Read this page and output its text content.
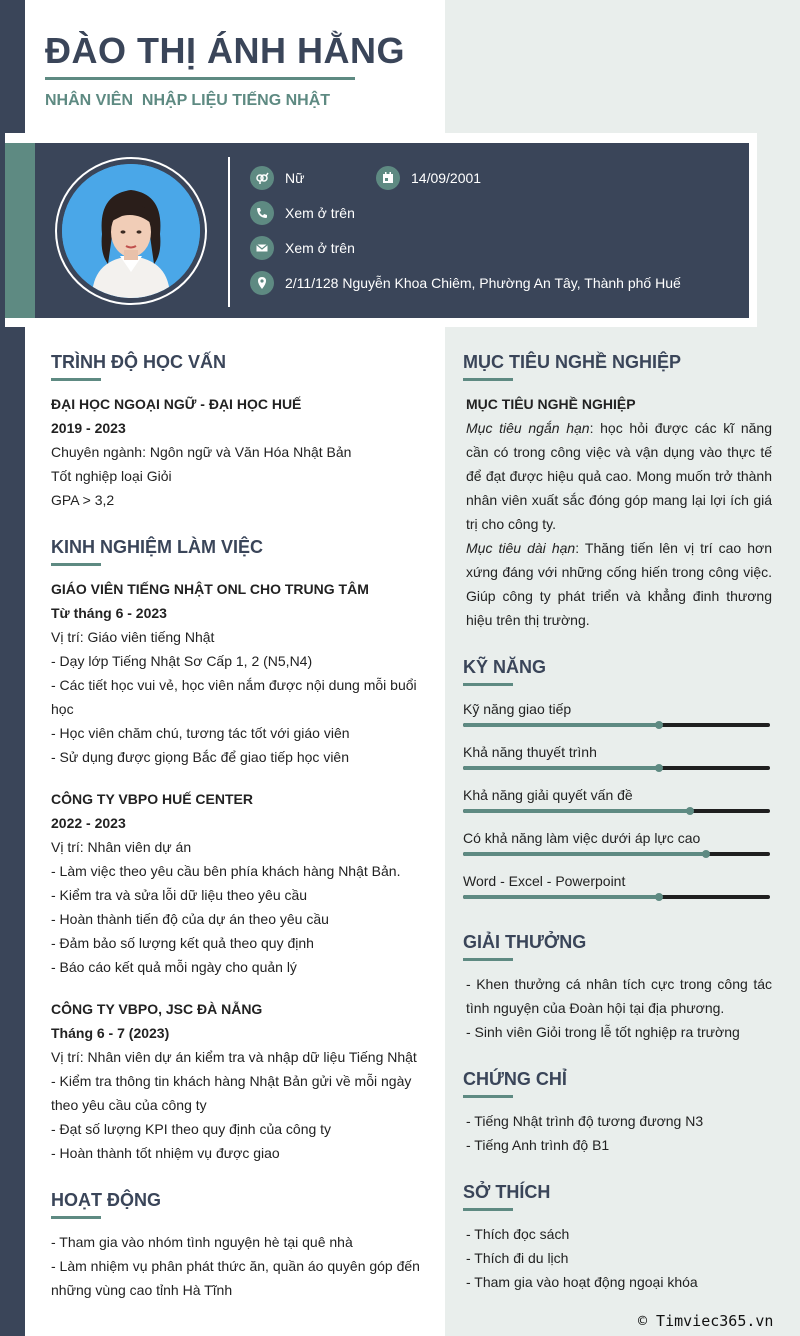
ĐÀO THỊ ÁNH HẰNG
NHÂN VIÊN  NHẬP LIỆU TIẾNG NHẬT
Nữ	14/09/2001
Xem ở trên
Xem ở trên
2/11/128 Nguyễn Khoa Chiêm, Phường An Tây, Thành phố Huế
TRÌNH ĐỘ HỌC VẤN
ĐẠI HỌC NGOẠI NGỮ - ĐẠI HỌC HUẾ
2019 - 2023
Chuyên ngành: Ngôn ngữ và Văn Hóa Nhật Bản
Tốt nghiệp loại Giỏi
GPA > 3,2
KINH NGHIỆM LÀM VIỆC
GIÁO VIÊN TIẾNG NHẬT ONL CHO TRUNG TÂM
Từ tháng 6 - 2023
Vị trí: Giáo viên tiếng Nhật
- Dạy lớp Tiếng Nhật Sơ Cấp 1, 2 (N5,N4)
- Các tiết học vui vẻ, học viên nắm được nội dung mỗi buổi
học
- Học viên chăm chú, tương tác tốt với giáo viên
- Sử dụng được giọng Bắc để giao tiếp học viên
CÔNG TY VBPO HUẾ CENTER
2022 - 2023
Vị trí: Nhân viên dự án
- Làm việc theo yêu cầu bên phía khách hàng Nhật Bản.
- Kiểm tra và sửa lỗi dữ liệu theo yêu cầu
- Hoàn thành tiến độ của dự án theo yêu cầu
- Đảm bảo số lượng kết quả theo quy định
- Báo cáo kết quả mỗi ngày cho quản lý
CÔNG TY VBPO, JSC ĐÀ NẴNG
Tháng 6 - 7 (2023)
Vị trí: Nhân viên dự án kiểm tra và nhập dữ liệu Tiếng Nhật
- Kiểm tra thông tin khách hàng Nhật Bản gửi về mỗi ngày
theo yêu cầu của công ty
- Đạt số lượng KPI theo quy định của công ty
- Hoàn thành tốt nhiệm vụ được giao
HOẠT ĐỘNG
- Tham gia vào nhóm tình nguyện hè tại quê nhà
- Làm nhiệm vụ phân phát thức ăn, quần áo quyên góp đến
những vùng cao tỉnh Hà Tĩnh
MỤC TIÊU NGHỀ NGHIỆP
MỤC TIÊU NGHỀ NGHIỆP
Mục tiêu ngắn hạn: học hỏi được các kĩ năng cần có trong công việc và vận dụng vào thực tế để đạt được hiệu quả cao. Mong muốn trở thành nhân viên xuất sắc đóng góp mang lại lợi ích giá trị cho công ty.
Mục tiêu dài hạn: Thăng tiến lên vị trí cao hơn xứng đáng với những cống hiến trong công việc. Giúp công ty phát triển và khẳng đinh thương hiệu trên thị trường.
KỸ NĂNG
Kỹ năng giao tiếp
Khả năng thuyết trình
Khả năng giải quyết vấn đề
Có khả năng làm việc dưới áp lực cao
Word - Excel - Powerpoint
GIẢI THƯỞNG
- Khen thưởng cá nhân tích cực trong công tác tình nguyện của Đoàn hội tại địa phương.
- Sinh viên Giỏi trong lễ tốt nghiệp ra trường
CHỨNG CHỈ
- Tiếng Nhật trình độ tương đương N3
- Tiếng Anh trình độ B1
SỞ THÍCH
- Thích đọc sách
- Thích đi du lịch
- Tham gia vào hoạt động ngoại khóa
© Timviec365.vn
